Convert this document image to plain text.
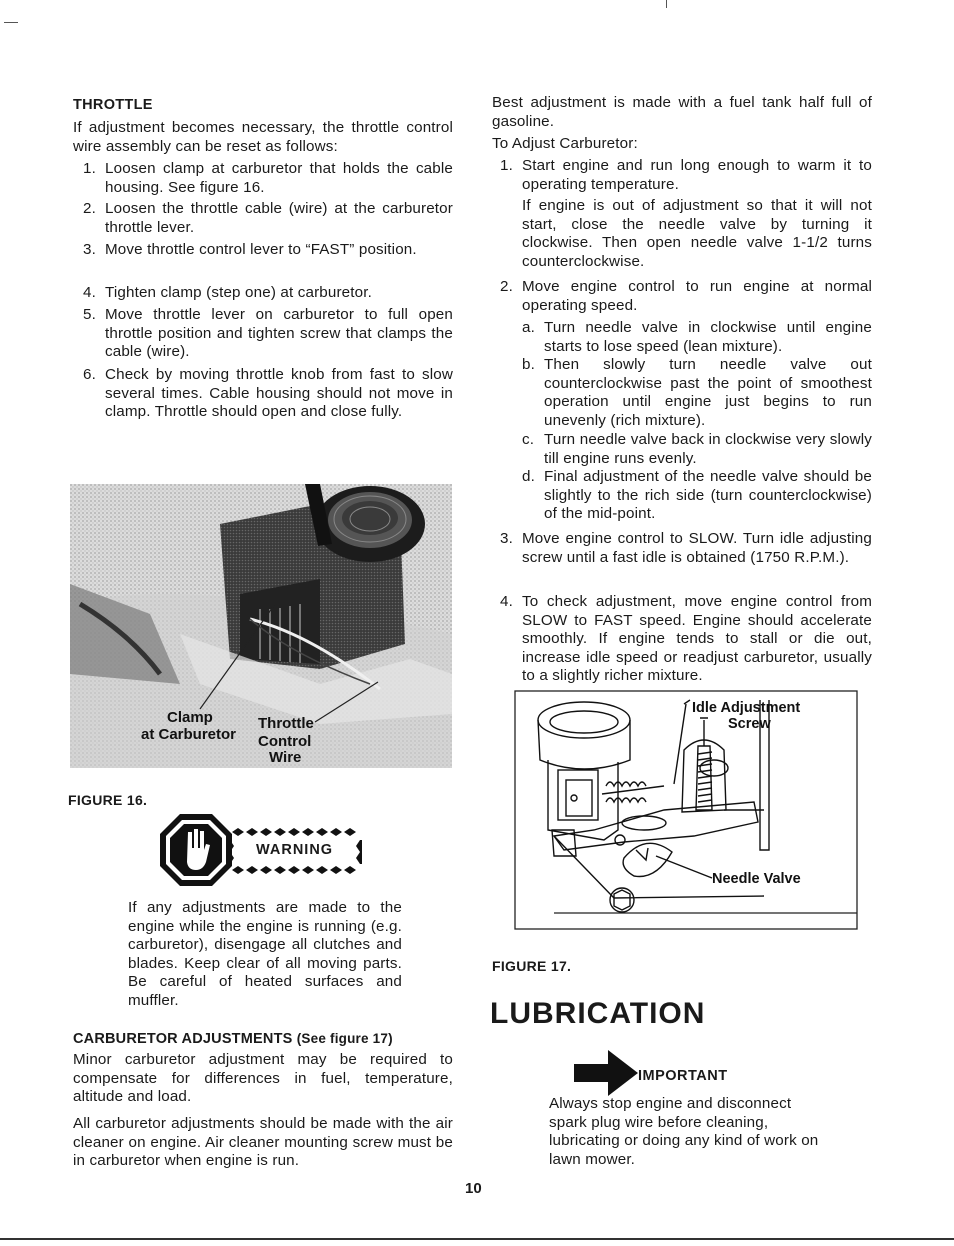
THROTTLE
If adjustment becomes necessary, the throttle control wire assembly can be reset as follows:
1. Loosen clamp at carburetor that holds the cable housing. See figure 16.
2. Loosen the throttle cable (wire) at the carburetor throttle lever.
3. Move throttle control lever to “FAST” position.
4. Tighten clamp (step one) at carburetor.
5. Move throttle lever on carburetor to full open throttle position and tighten screw that clamps the cable (wire).
6. Check by moving throttle knob from fast to slow several times. Cable housing should not move in clamp. Throttle should open and close fully.
Clamp
at Carburetor
Throttle
Control
Wire
FIGURE 16.
WARNING
If any adjustments are made to the engine while the engine is running (e.g. carburetor), disengage all clutches and blades. Keep clear of all moving parts. Be careful of heated surfaces and muffler.
CARBURETOR ADJUSTMENTS (See figure 17)
Minor carburetor adjustment may be required to compensate for differences in fuel, temperature, altitude and load.
All carburetor adjustments should be made with the air cleaner on engine. Air cleaner mounting screw must be in carburetor when engine is run.
Best adjustment is made with a fuel tank half full of gasoline.
To Adjust Carburetor:
1. Start engine and run long enough to warm it to operating temperature.
If engine is out of adjustment so that it will not start, close the needle valve by turning it clockwise. Then open needle valve 1-1/2 turns counterclockwise.
2. Move engine control to run engine at normal operating speed.
a. Turn needle valve in clockwise until engine starts to lose speed (lean mixture).
b. Then slowly turn needle valve out counterclockwise past the point of smoothest operation until engine just begins to run unevenly (rich mixture).
c. Turn needle valve back in clockwise very slowly till engine runs evenly.
d. Final adjustment of the needle valve should be slightly to the rich side (turn counterclockwise) of the mid-point.
3. Move engine control to SLOW. Turn idle adjusting screw until a fast idle is obtained (1750 R.P.M.).
4. To check adjustment, move engine control from SLOW to FAST speed. Engine should accelerate smoothly. If engine tends to stall or die out, increase idle speed or readjust carburetor, usually to a slightly richer mixture.
Idle Adjustment
Screw
Needle Valve
FIGURE 17.
LUBRICATION
IMPORTANT
Always stop engine and disconnect spark plug wire before cleaning, lubricating or doing any kind of work on lawn mower.
10
